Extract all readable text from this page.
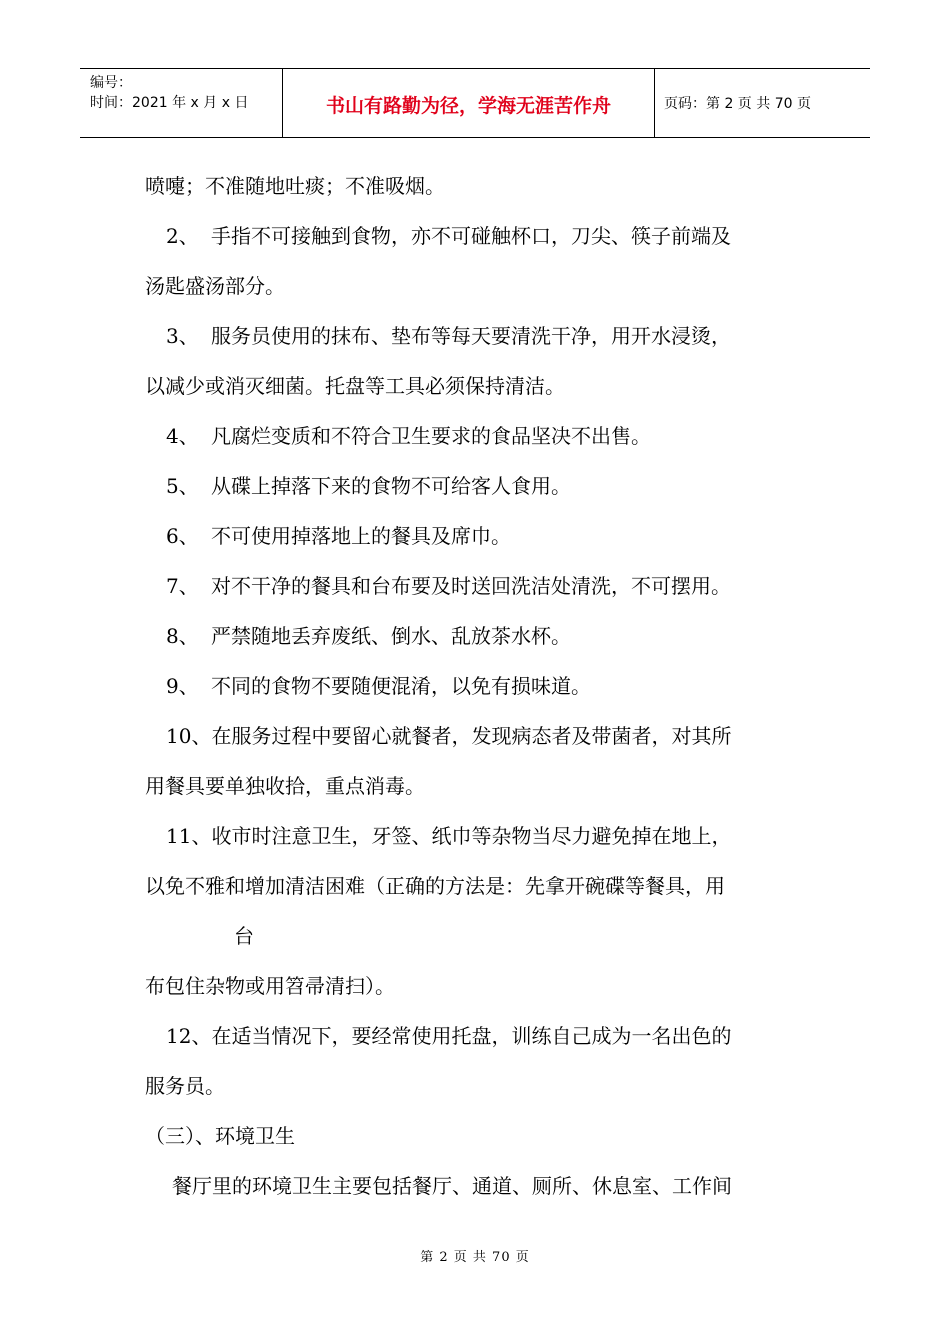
编号：
时间：2021 年 x 月 x 日	书山有路勤为径，学海无涯苦作舟	页码：第 2 页 共 70 页
喷嚏；不准随地吐痰；不准吸烟。
2、 手指不可接触到食物，亦不可碰触杯口，刀尖、筷子前端及
汤匙盛汤部分。
3、 服务员使用的抹布、垫布等每天要清洗干净，用开水浸烫，
以减少或消灭细菌。托盘等工具必须保持清洁。
4、 凡腐烂变质和不符合卫生要求的食品坚决不出售。
5、 从碟上掉落下来的食物不可给客人食用。
6、 不可使用掉落地上的餐具及席巾。
7、 对不干净的餐具和台布要及时送回洗洁处清洗，不可摆用。
8、 严禁随地丢弃废纸、倒水、乱放茶水杯。
9、 不同的食物不要随便混淆，以免有损味道。
10、在服务过程中要留心就餐者，发现病态者及带菌者，对其所
用餐具要单独收拾，重点消毒。
11、收市时注意卫生，牙签、纸巾等杂物当尽力避免掉在地上，
以免不雅和增加清洁困难（正确的方法是：先拿开碗碟等餐具，用
台
布包住杂物或用笤帚清扫）。
12、在适当情况下，要经常使用托盘，训练自己成为一名出色的
服务员。
（三）、环境卫生
餐厅里的环境卫生主要包括餐厅、通道、厕所、休息室、工作间
第 2 页 共 70 页
